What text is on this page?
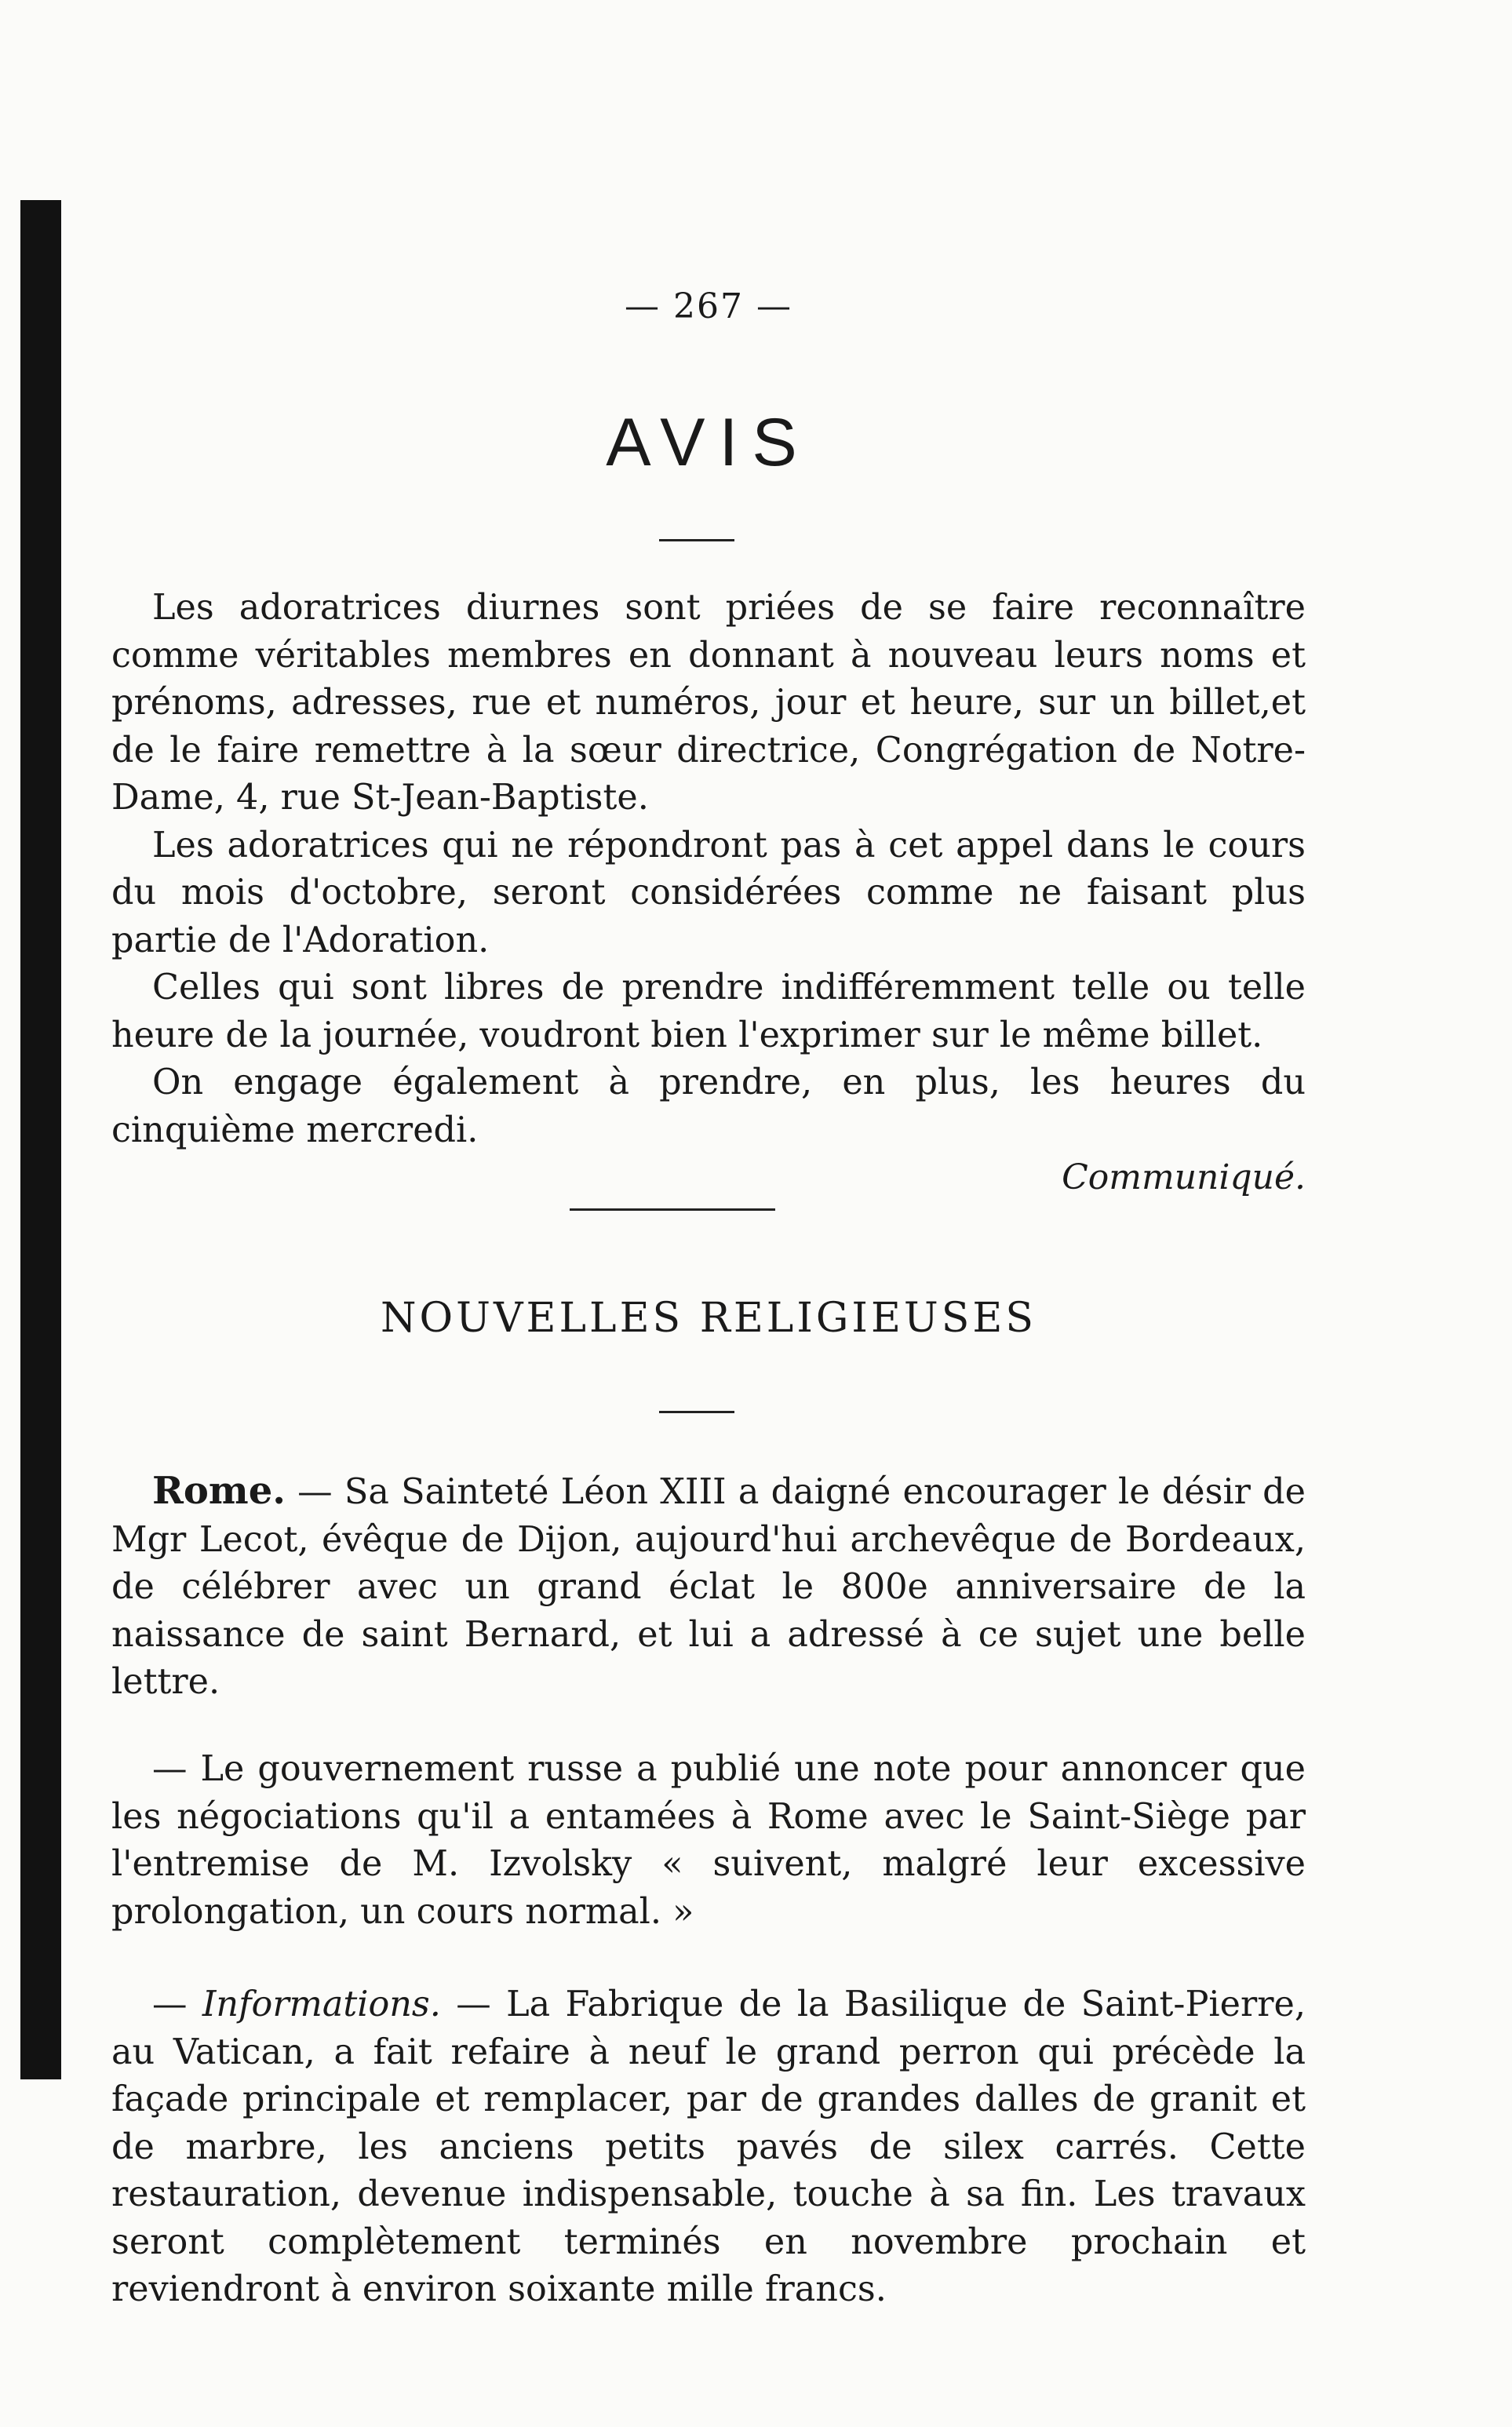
— 267 —
AVIS

Les adoratrices diurnes sont priées de se faire reconnaître comme véritables membres en donnant à nouveau leurs noms et prénoms, adresses, rue et numéros, jour et heure, sur un billet,et de le faire remettre à la sœur directrice, Congrégation de Notre-Dame, 4, rue St-Jean-Baptiste.

Les adoratrices qui ne répondront pas à cet appel dans le cours du mois d'octobre, seront considérées comme ne faisant plus partie de l'Adoration.

Celles qui sont libres de prendre indifféremment telle ou telle heure de la journée, voudront bien l'exprimer sur le même billet.

On engage également à prendre, en plus, les heures du cinquième mercredi.

Communiqué.
NOUVELLES RELIGIEUSES

Rome. — Sa Sainteté Léon XIII a daigné encourager le désir de Mgr Lecot, évêque de Dijon, aujourd'hui archevêque de Bordeaux, de célébrer avec un grand éclat le 800e anniversaire de la naissance de saint Bernard, et lui a adressé à ce sujet une belle lettre.

— Le gouvernement russe a publié une note pour annoncer que les négociations qu'il a entamées à Rome avec le Saint-Siège par l'entremise de M. Izvolsky « suivent, malgré leur excessive prolongation, un cours normal. »

— Informations. — La Fabrique de la Basilique de Saint-Pierre, au Vatican, a fait refaire à neuf le grand perron qui précède la façade principale et remplacer, par de grandes dalles de granit et de marbre, les anciens petits pavés de silex carrés. Cette restauration, devenue indispensable, touche à sa fin. Les travaux seront complètement terminés en novembre prochain et reviendront à environ soixante mille francs.
